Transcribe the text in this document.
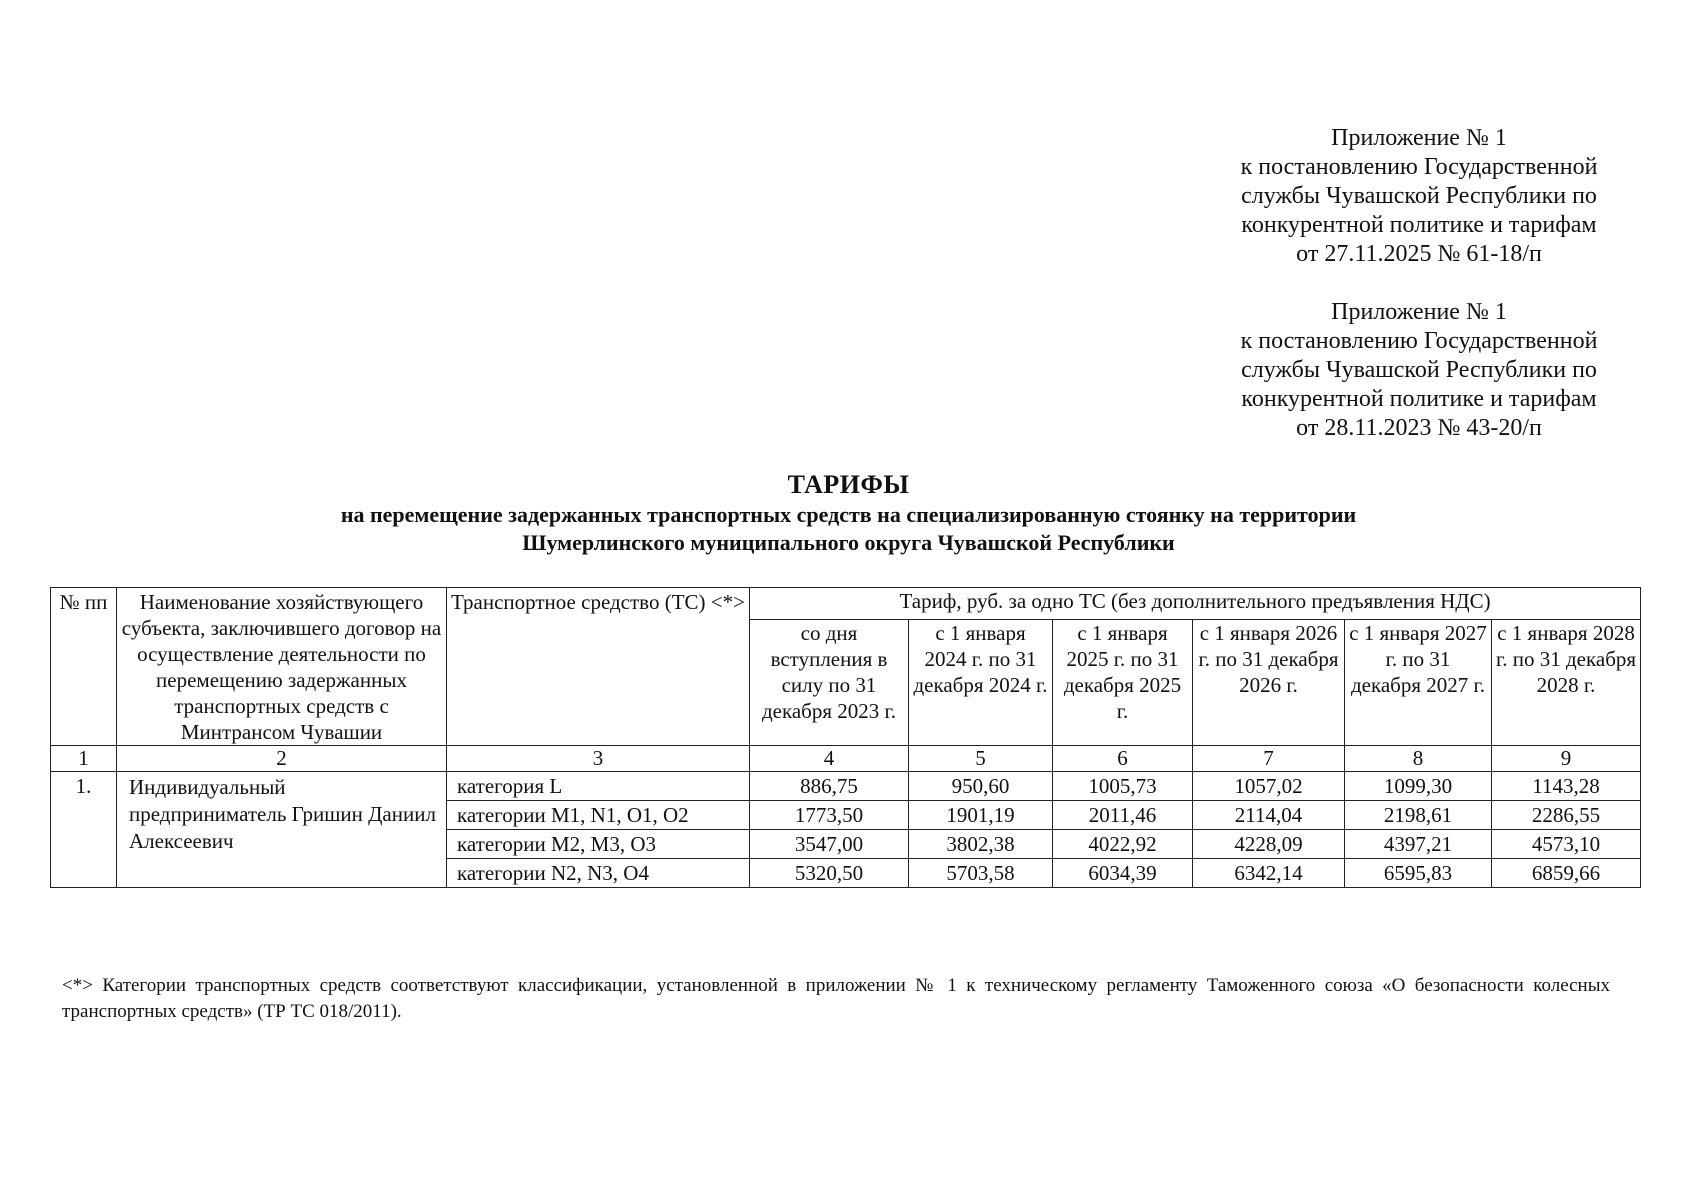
Приложение № 1
к постановлению Государственной
службы Чувашской Республики по
конкурентной политике и тарифам
от 27.11.2025 № 61-18/п
Приложение № 1
к постановлению Государственной
службы Чувашской Республики по
конкурентной политике и тарифам
от 28.11.2023 № 43-20/п
ТАРИФЫ
на перемещение задержанных транспортных средств на специализированную стоянку на территории
Шумерлинского муниципального округа Чувашской Республики
№ пп	Наименование хозяйствующего субъекта, заключившего договор на осуществление деятельности по перемещению задержанных транспортных средств с Минтрансом Чувашии	Транспортное средство (ТС) <*>	Тариф, руб. за одно ТС (без дополнительного предъявления НДС)					
			со дня вступления в силу по 31 декабря 2023 г.	с 1 января 2024 г. по 31 декабря 2024 г.	с 1 января 2025 г. по 31 декабря 2025 г.	с 1 января 2026 г. по 31 декабря 2026 г.	с 1 января 2027 г. по 31 декабря 2027 г.	с 1 января 2028 г. по 31 декабря 2028 г.
1	2	3	4	5	6	7	8	9
1.	Индивидуальный предприниматель Гришин Даниил Алексеевич	категория L	886,75	950,60	1005,73	1057,02	1099,30	1143,28
		категории M1, N1, O1, O2	1773,50	1901,19	2011,46	2114,04	2198,61	2286,55
		категории M2, M3, O3	3547,00	3802,38	4022,92	4228,09	4397,21	4573,10
		категории N2, N3, O4	5320,50	5703,58	6034,39	6342,14	6595,83	6859,66
<*> Категории транспортных средств соответствуют классификации, установленной в приложении № 1 к техническому регламенту Таможенного союза «О безопасности колесных транспортных средств» (ТР ТС 018/2011).
